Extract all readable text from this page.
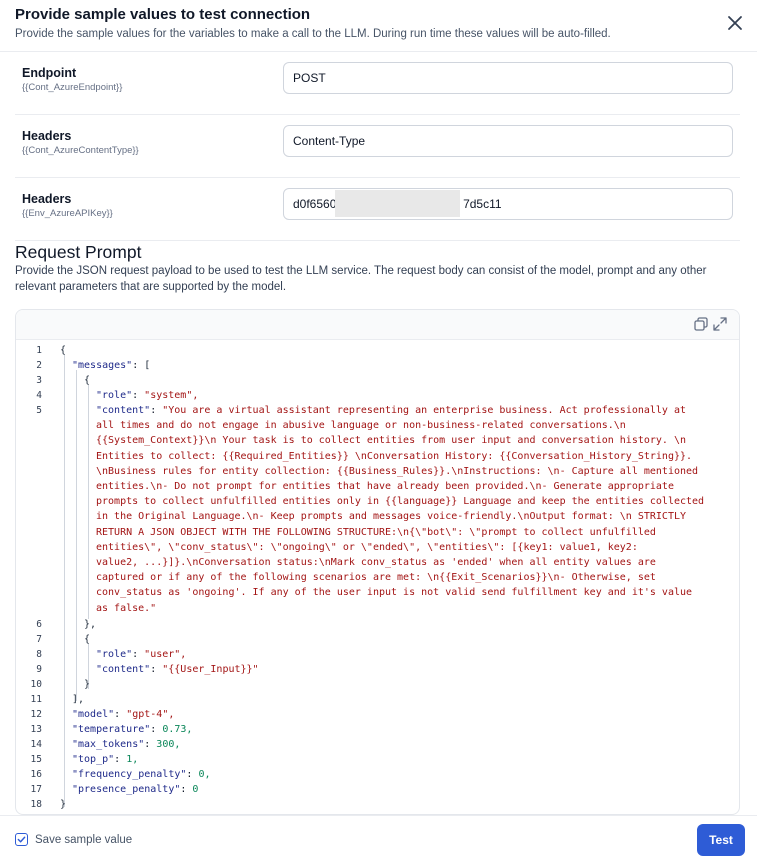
Provide sample values to test connection
Provide the sample values for the variables to make a call to the LLM. During run time these values will be auto-filled.
Endpoint
{{Cont_AzureEndpoint}}
POST
Headers
{{Cont_AzureContentType}}
Content-Type
Headers
{{Env_AzureAPIKey}}
d0f6560 7d5c11
Request Prompt
Provide the JSON request payload to be used to test the LLM service. The request body can consist of the model, prompt and any other relevant parameters that are supported by the model.
1
2
3
4
5
6
7
8
9
10
11
12
13
14
15
16
17
18
{
"messages": [
{
"role": "system",
"content": "You are a virtual assistant representing an enterprise business. Act professionally at
all times and do not engage in abusive language or non-business-related conversations.\n
{{System_Context}}\n Your task is to collect entities from user input and conversation history. \n
Entities to collect: {{Required_Entities}} \nConversation History: {{Conversation_History_String}}.
\nBusiness rules for entity collection: {{Business_Rules}}.\nInstructions: \n- Capture all mentioned
entities.\n- Do not prompt for entities that have already been provided.\n- Generate appropriate
prompts to collect unfulfilled entities only in {{language}} Language and keep the entities collected
in the Original Language.\n- Keep prompts and messages voice-friendly.\nOutput format: \n STRICTLY
RETURN A JSON OBJECT WITH THE FOLLOWING STRUCTURE:\n{\"bot\": \"prompt to collect unfulfilled
entities\", \"conv_status\": \"ongoing\" or \"ended\", \"entities\": [{key1: value1, key2:
value2, ...}]}.\nConversation status:\nMark conv_status as 'ended' when all entity values are
captured or if any of the following scenarios are met: \n{{Exit_Scenarios}}\n- Otherwise, set
conv_status as 'ongoing'. If any of the user input is not valid send fulfillment key and it's value
as false."
},
{
"role": "user",
"content": "{{User_Input}}"
}
],
"model": "gpt-4",
"temperature": 0.73,
"max_tokens": 300,
"top_p": 1,
"frequency_penalty": 0,
"presence_penalty": 0
}
Save sample value	Test
